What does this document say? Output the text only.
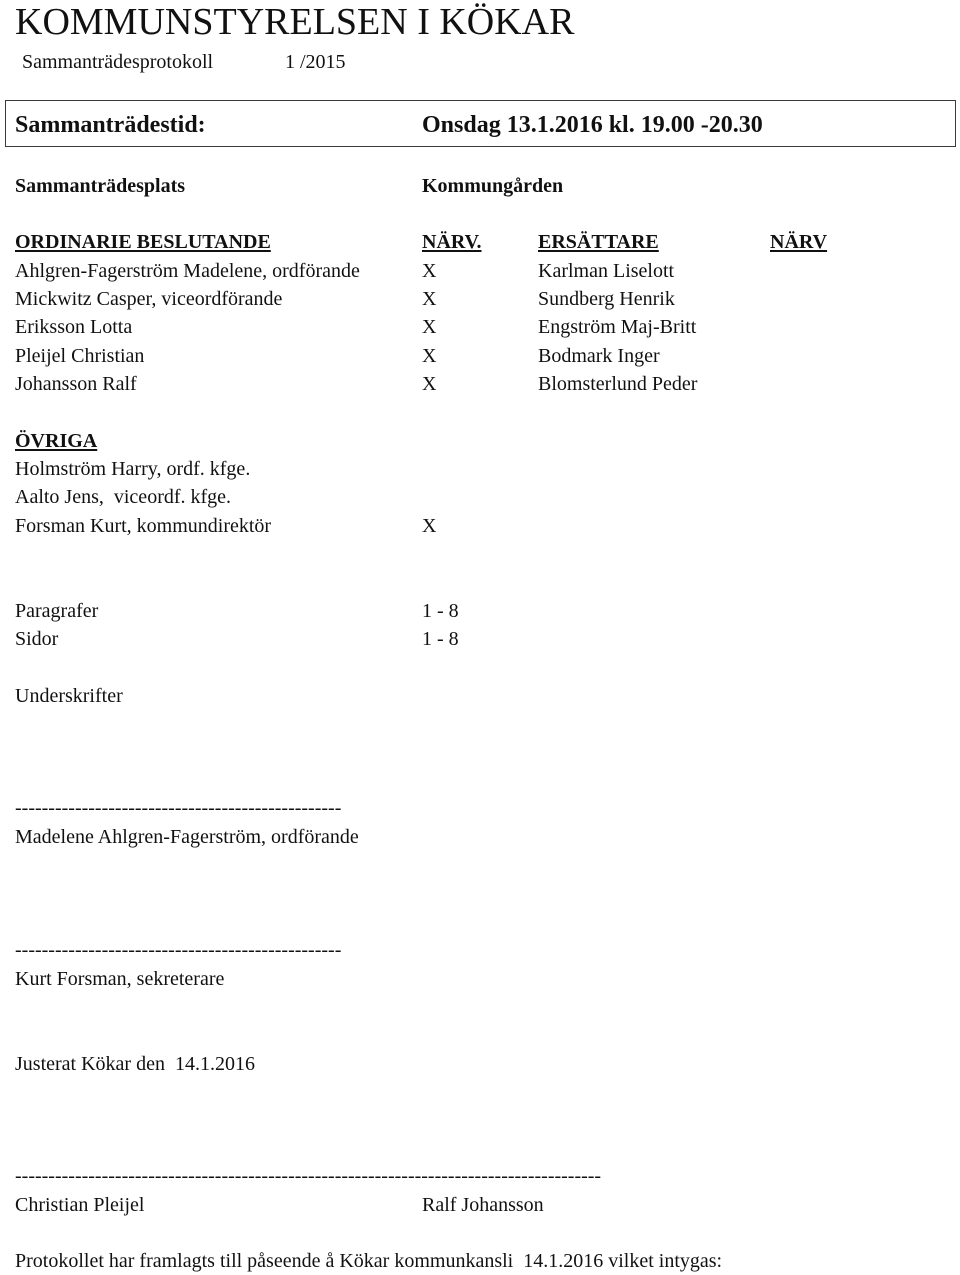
KOMMUNSTYRELSEN I KÖKAR
Sammanträdesprotokoll	1 /2015
Sammanträdestid:	Onsdag 13.1.2016 kl. 19.00 -20.30
Sammanträdesplats	Kommungården
ORDINARIE BESLUTANDE	NÄRV.	ERSÄTTARE	NÄRV
Ahlgren-Fagerström Madelene, ordförande	X	Karlman Liselott
Mickwitz Casper, viceordförande	X	Sundberg Henrik
Eriksson Lotta	X	Engström Maj-Britt
Pleijel Christian	X	Bodmark Inger
Johansson Ralf	X	Blomsterlund Peder
ÖVRIGA
Holmström Harry, ordf. kfge.
Aalto Jens,  viceordf. kfge.
Forsman Kurt, kommundirektör	X
Paragrafer	1 - 8
Sidor	1 - 8
Underskrifter
-------------------------------------------------
Madelene Ahlgren-Fagerström, ordförande
-------------------------------------------------
Kurt Forsman, sekreterare
Justerat Kökar den  14.1.2016
----------------------------------------------------------------------------------------
Christian Pleijel	Ralf Johansson
Protokollet har framlagts till påseende å Kökar kommunkansli  14.1.2016 vilket intygas:
